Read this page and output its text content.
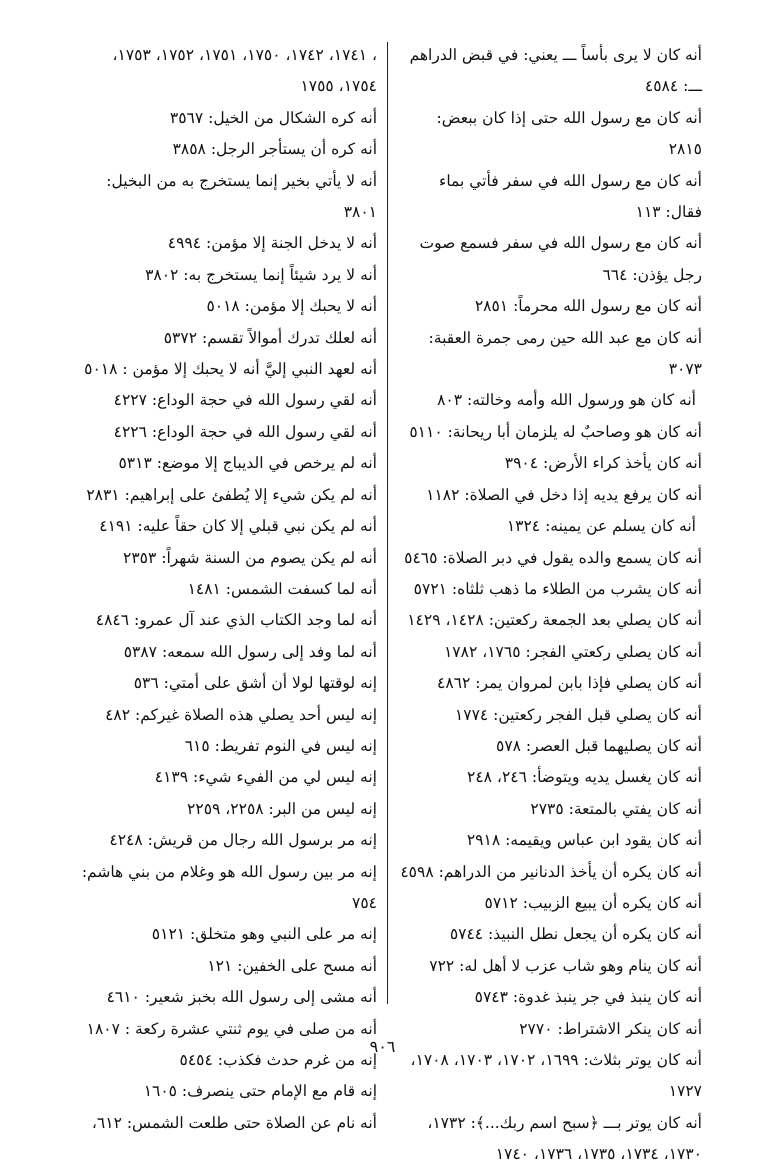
أنه كان لا يرى بأساً ـــ يعني: في قبض الدراهم ـــ: ٤٥٨٤

أنه كان مع رسول الله حتى إذا كان ببعض: ٢٨١٥

أنه كان مع رسول الله في سفر فأتي بماء فقال: ١١٣

أنه كان مع رسول الله في سفر فسمع صوت رجل يؤذن: ٦٦٤

أنه كان مع رسول الله محرماً: ٢٨٥١

أنه كان مع عبد الله حين رمى جمرة العقبة: ٣٠٧٣

أنه كان هو ورسول الله وأمه وخالته: ٨٠٣

أنه كان هو وصاحبٌ له يلزمان أبا ريحانة: ٥١١٠

أنه كان يأخذ كراء الأرض: ٣٩٠٤

أنه كان يرفع يديه إذا دخل في الصلاة: ١١٨٢

أنه كان يسلم عن يمينه: ١٣٢٤

أنه كان يسمع والده يقول في دبر الصلاة: ٥٤٦٥

أنه كان يشرب من الطلاء ما ذهب ثلثاه: ٥٧٢١

أنه كان يصلي بعد الجمعة ركعتين: ١٤٢٨، ١٤٢٩

أنه كان يصلي ركعتي الفجر: ١٧٦٥، ١٧٨٢

أنه كان يصلي فإذا بابن لمروان يمر: ٤٨٦٢

أنه كان يصلي قبل الفجر ركعتين: ١٧٧٤

أنه كان يصليهما قبل العصر: ٥٧٨

أنه كان يغسل يديه ويتوضأ: ٢٤٦، ٢٤٨

أنه كان يفتي بالمتعة: ٢٧٣٥

أنه كان يقود ابن عباس ويقيمه: ٢٩١٨

أنه كان يكره أن يأخذ الدنانير من الدراهم: ٤٥٩٨

أنه كان يكره أن يبيع الزبيب: ٥٧١٢

أنه كان يكره أن يجعل نطل النبيذ: ٥٧٤٤

أنه كان ينام وهو شاب عزب لا أهل له: ٧٢٢

أنه كان ينبذ في جر ينبذ غدوة: ٥٧٤٣

أنه كان ينكر الاشتراط: ٢٧٧٠

أنه كان يوتر بثلاث: ١٦٩٩، ١٧٠٢، ١٧٠٣، ١٧٠٨، ١٧٢٧

أنه كان يوتر بـــ ﴿سبح اسم ربك...﴾: ١٧٣٢، ١٧٣٠، ١٧٣٤، ١٧٣٥، ١٧٣٦، ١٧٤٠

، ١٧٤١، ١٧٤٢، ١٧٥٠، ١٧٥١، ١٧٥٢، ١٧٥٣، ١٧٥٤، ١٧٥٥

أنه كره الشكال من الخيل: ٣٥٦٧

أنه كره أن يستأجر الرجل: ٣٨٥٨

أنه لا يأتي بخير إنما يستخرج به من البخيل: ٣٨٠١

أنه لا يدخل الجنة إلا مؤمن: ٤٩٩٤

أنه لا يرد شيئاً إنما يستخرج به: ٣٨٠٢

أنه لا يحبك إلا مؤمن: ٥٠١٨

أنه لعلك تدرك أموالاً تقسم: ٥٣٧٢

أنه لعهد النبي إليَّ أنه لا يحبك إلا مؤمن : ٥٠١٨

أنه لقي رسول الله في حجة الوداع: ٤٢٢٧

أنه لقي رسول الله في حجة الوداع: ٤٢٢٦

أنه لم يرخص في الديباج إلا موضع: ٥٣١٣

أنه لم يكن شيء إلا يُطفئ على إبراهيم: ٢٨٣١

أنه لم يكن نبي قبلي إلا كان حقاً عليه: ٤١٩١

أنه لم يكن يصوم من السنة شهراً: ٢٣٥٣

أنه لما كسفت الشمس: ١٤٨١

أنه لما وجد الكتاب الذي عند آل عمرو: ٤٨٤٦

أنه لما وفد إلى رسول الله سمعه: ٥٣٨٧

إنه لوقتها لولا أن أشق على أمتي: ٥٣٦

إنه ليس أحد يصلي هذه الصلاة غيركم: ٤٨٢

إنه ليس في النوم تفريط: ٦١٥

إنه ليس لي من الفيء شيء: ٤١٣٩

إنه ليس من البر: ٢٢٥٨، ٢٢٥٩

إنه مر برسول الله رجال من قريش: ٤٢٤٨

إنه مر بين رسول الله هو وغلام من بني هاشم: ٧٥٤

إنه مر على النبي وهو متخلق: ٥١٢١

أنه مسح على الخفين: ١٢١

أنه مشى إلى رسول الله بخبز شعير: ٤٦١٠

أنه من صلى في يوم ثنتي عشرة ركعة : ١٨٠٧

إنه من غرم حدث فكذب: ٥٤٥٤

إنه قام مع الإمام حتى ينصرف: ١٦٠٥

أنه نام عن الصلاة حتى طلعت الشمس: ٦١٢،

٩٠٦
